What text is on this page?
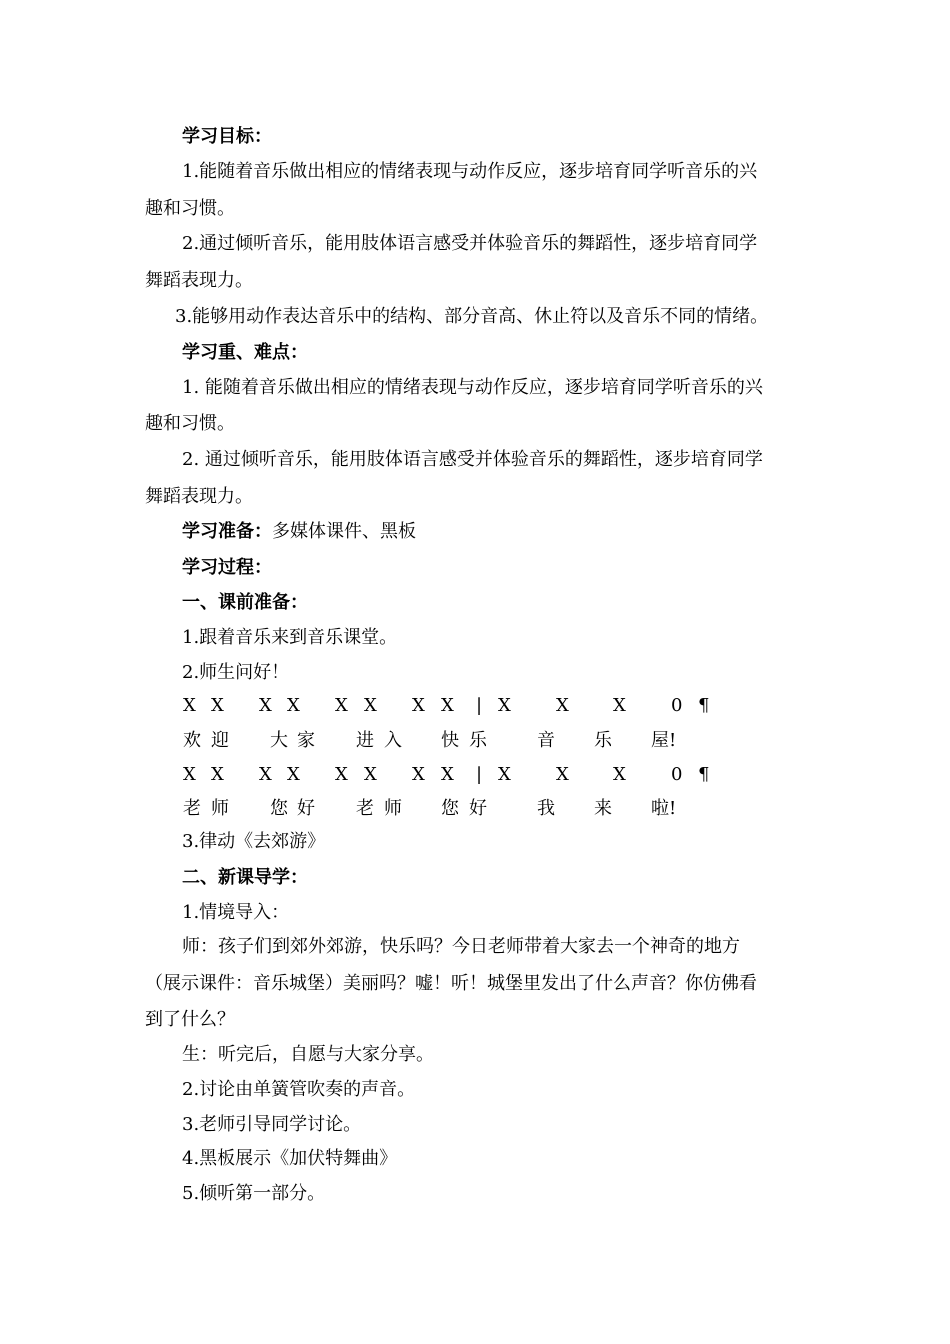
学习目标：
1.能随着音乐做出相应的情绪表现与动作反应，逐步培育同学听音乐的兴
趣和习惯。
2.通过倾听音乐，能用肢体语言感受并体验音乐的舞蹈性，逐步培育同学
舞蹈表现力。
3.能够用动作表达音乐中的结构、部分音高、休止符以及音乐不同的情绪。
学习重、难点：
1. 能随着音乐做出相应的情绪表现与动作反应，逐步培育同学听音乐的兴
趣和习惯。
2. 通过倾听音乐，能用肢体语言感受并体验音乐的舞蹈性，逐步培育同学
舞蹈表现力。
学习准备：多媒体课件、黑板
学习过程：
一、课前准备：
1.跟着音乐来到音乐课堂。
2.师生问好！
X X X X X X X X | X	X X	0 ¶
欢 迎 大 家 进 入 快 乐	音 乐 屋!
X X X X X X X X | X	X X	0 ¶
老 师 您 好 老 师 您 好	我 来 啦!
3.律动《去郊游》
二、新课导学：
1.情境导入：
师：孩子们到郊外郊游，快乐吗？今日老师带着大家去一个神奇的地方
（展示课件：音乐城堡）美丽吗？嘘！听！城堡里发出了什么声音？你仿佛看
到了什么？
生：听完后，自愿与大家分享。
2.讨论由单簧管吹奏的声音。
3.老师引导同学讨论。
4.黑板展示《加伏特舞曲》
5.倾听第一部分。
